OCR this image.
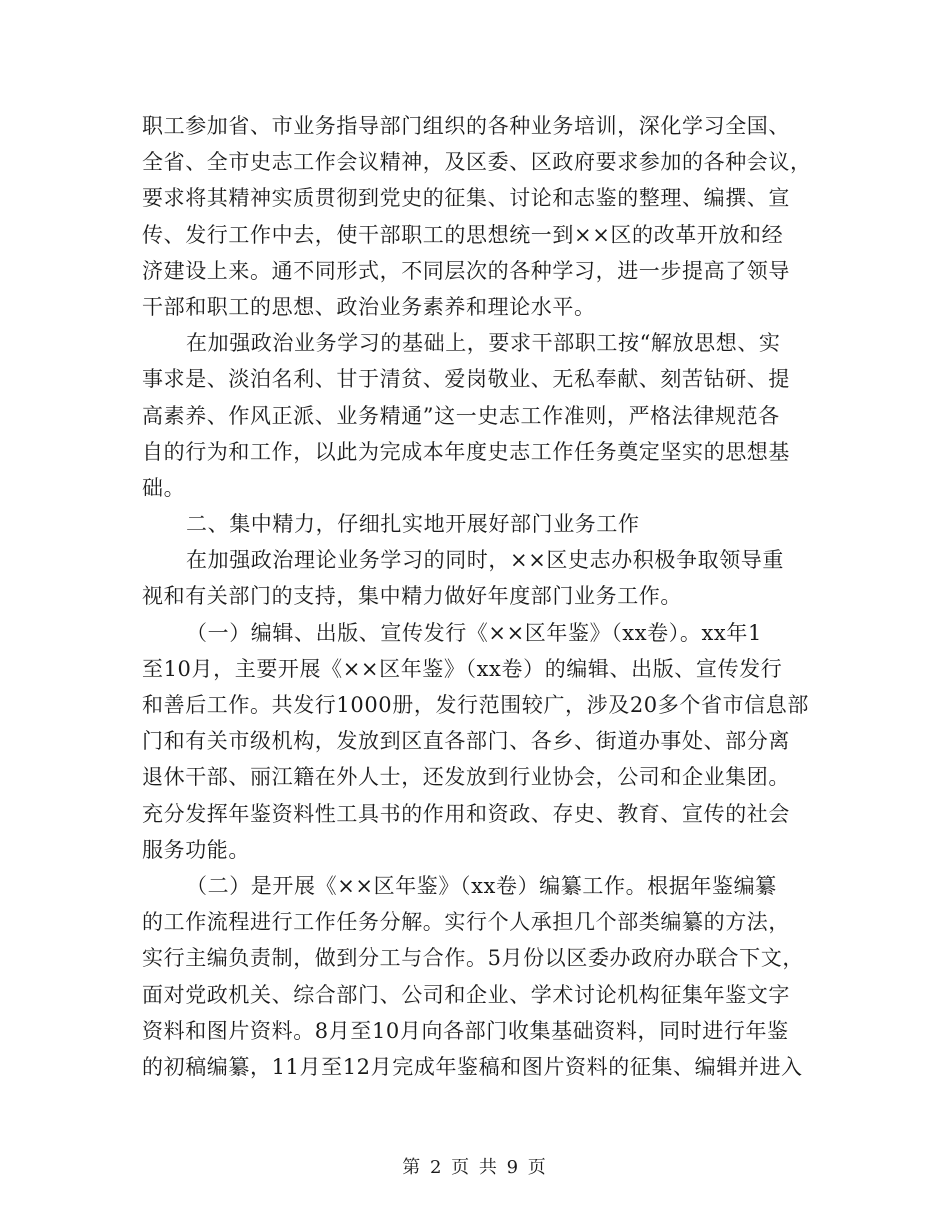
职工参加省、市业务指导部门组织的各种业务培训，深化学习全国、
全省、全市史志工作会议精神，及区委、区政府要求参加的各种会议，
要求将其精神实质贯彻到党史的征集、讨论和志鉴的整理、编撰、宣
传、发行工作中去，使干部职工的思想统一到××区的改革开放和经
济建设上来。通不同形式，不同层次的各种学习，进一步提高了领导
干部和职工的思想、政治业务素养和理论水平。
在加强政治业务学习的基础上，要求干部职工按“解放思想、实
事求是、淡泊名利、甘于清贫、爱岗敬业、无私奉献、刻苦钻研、提
高素养、作风正派、业务精通”这一史志工作准则，严格法律规范各
自的行为和工作，以此为完成本年度史志工作任务奠定坚实的思想基
础。
二、集中精力，仔细扎实地开展好部门业务工作
在加强政治理论业务学习的同时，××区史志办积极争取领导重
视和有关部门的支持，集中精力做好年度部门业务工作。
（一）编辑、出版、宣传发行《××区年鉴》（xx卷）。xx年1
至10月，主要开展《××区年鉴》（xx卷）的编辑、出版、宣传发行
和善后工作。共发行1000册，发行范围较广，涉及20多个省市信息部
门和有关市级机构，发放到区直各部门、各乡、街道办事处、部分离
退休干部、丽江籍在外人士，还发放到行业协会，公司和企业集团。
充分发挥年鉴资料性工具书的作用和资政、存史、教育、宣传的社会
服务功能。
（二）是开展《××区年鉴》（xx卷）编纂工作。根据年鉴编纂
的工作流程进行工作任务分解。实行个人承担几个部类编纂的方法，
实行主编负责制，做到分工与合作。5月份以区委办政府办联合下文，
面对党政机关、综合部门、公司和企业、学术讨论机构征集年鉴文字
资料和图片资料。8月至10月向各部门收集基础资料，同时进行年鉴
的初稿编纂，11月至12月完成年鉴稿和图片资料的征集、编辑并进入
第 2 页 共 9 页
